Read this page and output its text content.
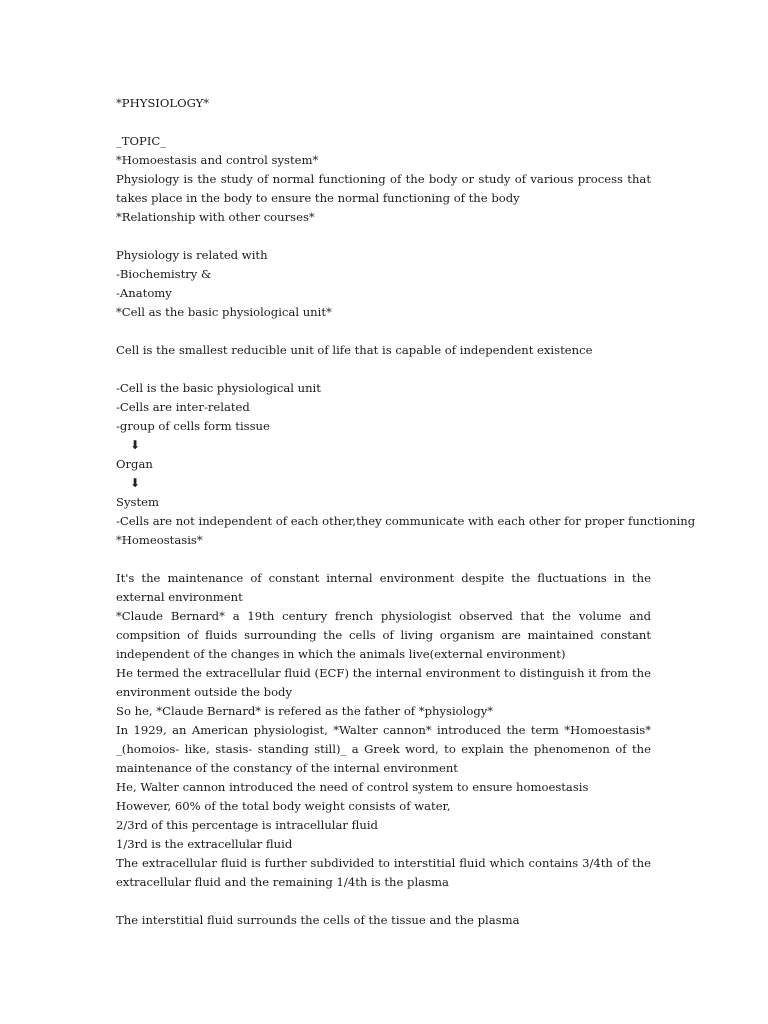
*PHYSIOLOGY*
_TOPIC_
*Homoestasis and control system*
Physiology is the study of normal functioning of the body or study of various process that takes place in the body to ensure the normal functioning of the body
*Relationship with other courses*
Physiology is related with
-Biochemistry &
-Anatomy
*Cell as the basic physiological unit*
Cell is the smallest reducible unit of life that is capable of independent existence
-Cell is the basic physiological unit
-Cells are inter-related
-group of cells form tissue
⬇
Organ
⬇
System
-Cells are not independent of each other,they communicate with each other for proper functioning
*Homeostasis*
It's the maintenance of constant internal environment despite the fluctuations in the external environment
*Claude Bernard* a 19th century french physiologist observed that the volume and compsition of fluids surrounding the cells of living organism are maintained constant independent of the changes in which the animals live(external environment)
He termed the extracellular fluid (ECF) the internal environment to distinguish it from the environment outside the body
So he, *Claude Bernard* is refered as the father of *physiology*
In 1929, an American physiologist, *Walter cannon* introduced the term *Homoestasis* _(homoios- like, stasis- standing still)_ a Greek word, to explain the phenomenon of the maintenance of the constancy of the internal environment
He, Walter cannon introduced the need of control system to ensure homoestasis
However, 60% of the total body weight consists of water,
2/3rd of this percentage is intracellular fluid
1/3rd is the extracellular fluid
The extracellular fluid is further subdivided to interstitial fluid which contains 3/4th of the extracellular fluid and the remaining 1/4th is the plasma
The interstitial fluid surrounds the cells of the tissue and the plasma
